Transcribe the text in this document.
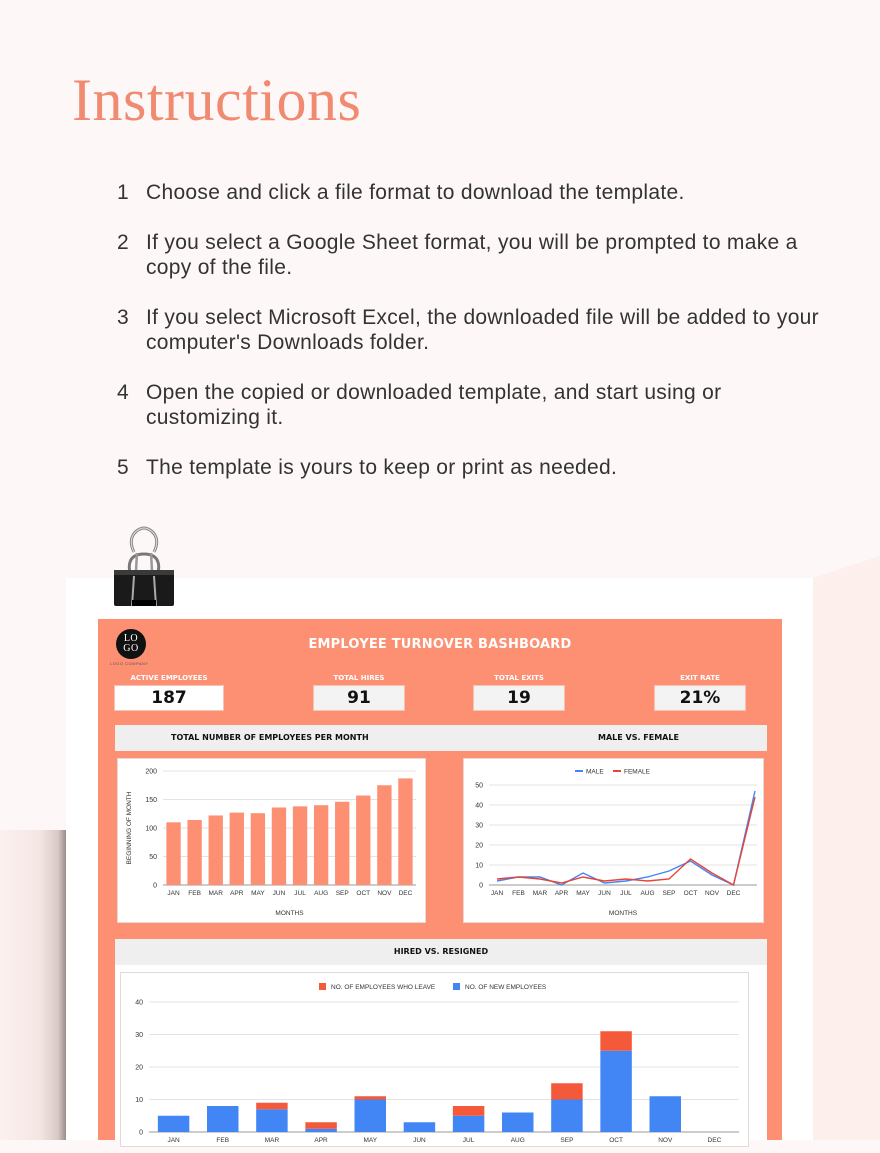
Instructions
1 Choose and click a file format to download the template.
2 If you select a Google Sheet format, you will be prompted to make a copy of the file.
3 If you select Microsoft Excel, the downloaded file will be added to your computer's Downloads folder.
4 Open the copied or downloaded template, and start using or customizing it.
5 The template is yours to keep or print as needed.
LO
GO
LOGO COMPANY
EMPLOYEE TURNOVER BASHBOARD
ACTIVE EMPLOYEES
187
TOTAL HIRES
91
TOTAL EXITS
19
EXIT RATE
21%
TOTAL NUMBER OF EMPLOYEES PER MONTH	MALE VS. FEMALE
0
50
100
150
200
JAN FEB MAR APR MAY JUN JUL AUG SEP OCT NOV DEC
MONTHS
BEGINNING OF MONTH
0
10
20
30
40
50
JAN FEB MAR APR MAY JUN JUL AUG SEP OCT NOV DEC
MALE	FEMALE
MONTHS
HIRED VS. RESIGNED
0
10
20
30
40
JAN	FEB	MAR	APR	MAY	JUN	JUL	AUG	SEP	OCT	NOV	DEC
NO. OF EMPLOYEES WHO LEAVE	NO. OF NEW EMPLOYEES
